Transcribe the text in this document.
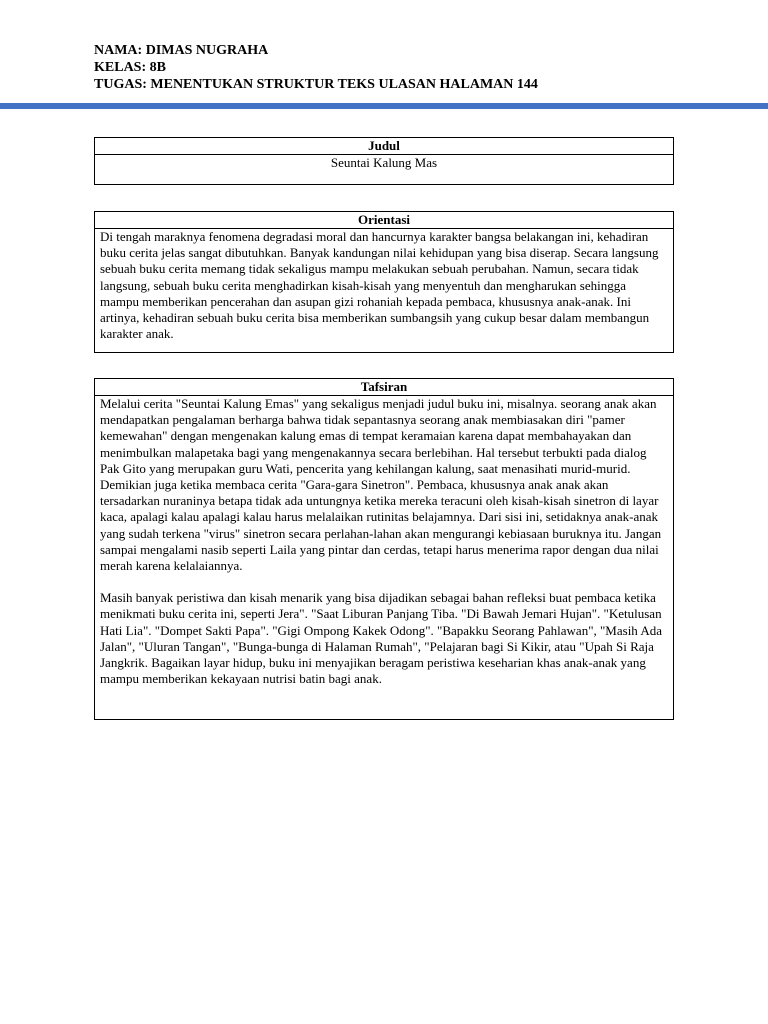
NAMA: DIMAS NUGRAHA
KELAS: 8B
TUGAS: MENENTUKAN STRUKTUR TEKS ULASAN HALAMAN 144
Judul
Seuntai Kalung Mas
Orientasi
Di tengah maraknya fenomena degradasi moral dan hancurnya karakter bangsa belakangan ini, kehadiran buku cerita jelas sangat dibutuhkan. Banyak kandungan nilai kehidupan yang bisa diserap. Secara langsung sebuah buku cerita memang tidak sekaligus mampu melakukan sebuah perubahan. Namun, secara tidak langsung, sebuah buku cerita menghadirkan kisah-kisah yang menyentuh dan mengharukan sehingga mampu memberikan pencerahan dan asupan gizi rohaniah kepada pembaca, khususnya anak-anak. Ini artinya, kehadiran sebuah buku cerita bisa memberikan sumbangsih yang cukup besar dalam membangun karakter anak.
Tafsiran

Melalui cerita "Seuntai Kalung Emas" yang sekaligus menjadi judul buku ini, misalnya. seorang anak akan mendapatkan pengalaman berharga bahwa tidak sepantasnya seorang anak membiasakan diri "pamer kemewahan" dengan mengenakan kalung emas di tempat keramaian karena dapat membahayakan dan menimbulkan malapetaka bagi yang mengenakannya secara berlebihan. Hal tersebut terbukti pada dialog Pak Gito yang merupakan guru Wati, pencerita yang kehilangan kalung, saat menasihati murid-murid. Demikian juga ketika membaca cerita "Gara-gara Sinetron". Pembaca, khususnya anak anak akan tersadarkan nuraninya betapa tidak ada untungnya ketika mereka teracuni oleh kisah-kisah sinetron di layar kaca, apalagi kalau apalagi kalau harus melalaikan rutinitas belajamnya. Dari sisi ini, setidaknya anak-anak yang sudah terkena "virus" sinetron secara perlahan-lahan akan mengurangi kebiasaan buruknya itu. Jangan sampai mengalami nasib seperti Laila yang pintar dan cerdas, tetapi harus menerima rapor dengan dua nilai merah karena kelalaiannya.

Masih banyak peristiwa dan kisah menarik yang bisa dijadikan sebagai bahan refleksi buat pembaca ketika menikmati buku cerita ini, seperti Jera". "Saat Liburan Panjang Tiba. "Di Bawah Jemari Hujan". "Ketulusan Hati Lia". "Dompet Sakti Papa". "Gigi Ompong Kakek Odong". "Bapakku Seorang Pahlawan", "Masih Ada Jalan", "Uluran Tangan", "Bunga-bunga di Halaman Rumah", "Pelajaran bagi Si Kikir, atau "Upah Si Raja Jangkrik. Bagaikan layar hidup, buku ini menyajikan beragam peristiwa keseharian khas anak-anak yang mampu memberikan kekayaan nutrisi batin bagi anak.
